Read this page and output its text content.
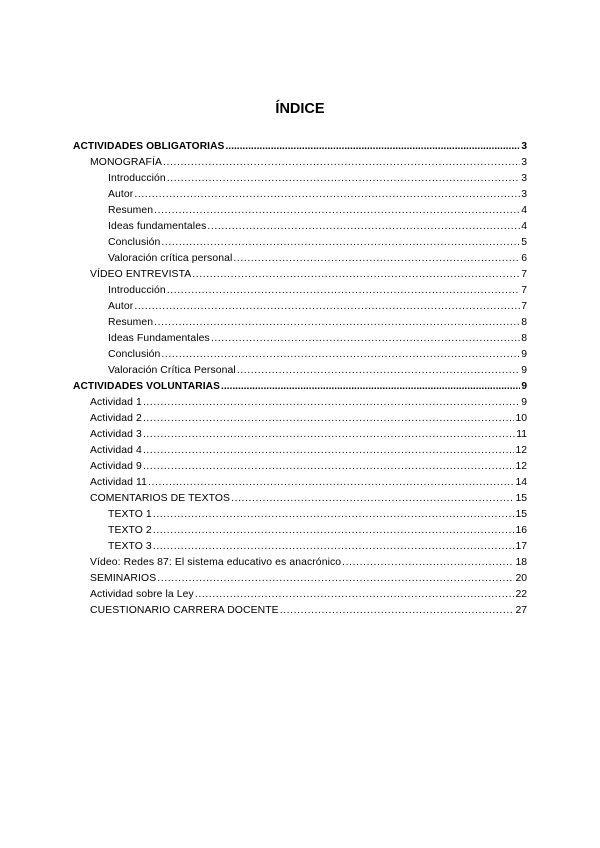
ÍNDICE
ACTIVIDADES OBLIGATORIAS .....	3
MONOGRAFÍA .....	3
Introducción .....	3
Autor .....	3
Resumen .....	4
Ideas fundamentales .....	4
Conclusión .....	5
Valoración crítica personal .....	6
VÍDEO ENTREVISTA .....	7
Introducción .....	7
Autor .....	7
Resumen .....	8
Ideas Fundamentales .....	8
Conclusión .....	9
Valoración Crítica Personal .....	9
ACTIVIDADES VOLUNTARIAS .....	9
Actividad 1 .....	9
Actividad 2 .....	10
Actividad 3 .....	11
Actividad 4 .....	12
Actividad 9 .....	12
Actividad 11 .....	14
COMENTARIOS DE TEXTOS .....	15
TEXTO 1 .....	15
TEXTO 2 .....	16
TEXTO 3 .....	17
Vídeo: Redes 87: El sistema educativo es anacrónico .....	18
SEMINARIOS .....	20
Actividad sobre la Ley .....	22
CUESTIONARIO CARRERA DOCENTE .....	27
